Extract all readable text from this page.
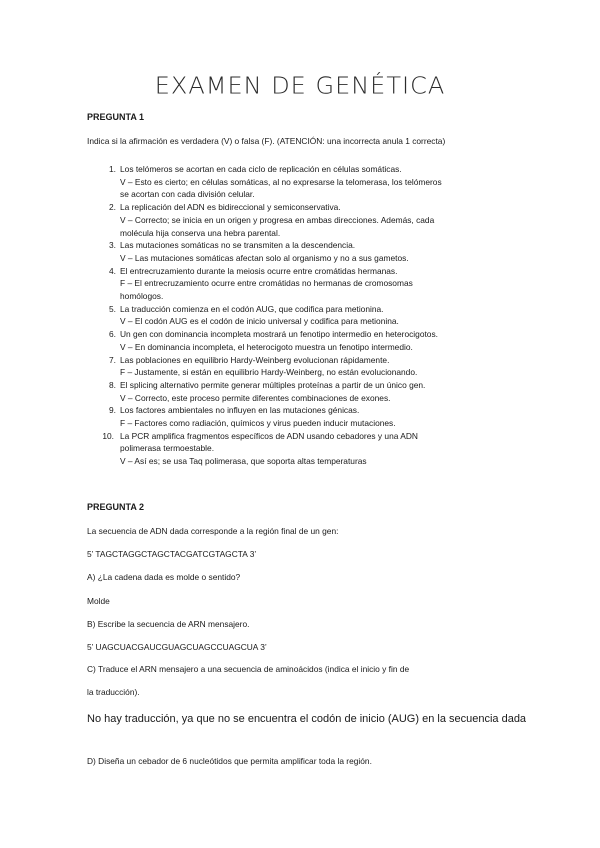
EXAMEN DE GENÉTICA
PREGUNTA 1
Indica si la afirmación es verdadera (V) o falsa (F). (ATENCIÓN: una incorrecta anula 1 correcta)
1. Los telómeros se acortan en cada ciclo de replicación en células somáticas.
V – Esto es cierto; en células somáticas, al no expresarse la telomerasa, los telómeros
se acortan con cada división celular.
2. La replicación del ADN es bidireccional y semiconservativa.
V – Correcto; se inicia en un origen y progresa en ambas direcciones. Además, cada
molécula hija conserva una hebra parental.
3. Las mutaciones somáticas no se transmiten a la descendencia.
V – Las mutaciones somáticas afectan solo al organismo y no a sus gametos.
4. El entrecruzamiento durante la meiosis ocurre entre cromátidas hermanas.
F – El entrecruzamiento ocurre entre cromátidas no hermanas de cromosomas
homólogos.
5. La traducción comienza en el codón AUG, que codifica para metionina.
V – El codón AUG es el codón de inicio universal y codifica para metionina.
6. Un gen con dominancia incompleta mostrará un fenotipo intermedio en heterocigotos.
V – En dominancia incompleta, el heterocigoto muestra un fenotipo intermedio.
7. Las poblaciones en equilibrio Hardy-Weinberg evolucionan rápidamente.
F – Justamente, si están en equilibrio Hardy-Weinberg, no están evolucionando.
8. El splicing alternativo permite generar múltiples proteínas a partir de un único gen.
V – Correcto, este proceso permite diferentes combinaciones de exones.
9. Los factores ambientales no influyen en las mutaciones génicas.
F – Factores como radiación, químicos y virus pueden inducir mutaciones.
10. La PCR amplifica fragmentos específicos de ADN usando cebadores y una ADN
polimerasa termoestable.
V – Así es; se usa Taq polimerasa, que soporta altas temperaturas
PREGUNTA 2
La secuencia de ADN dada corresponde a la región final de un gen:
5’ TAGCTAGGCTAGCTACGATCGTAGCTA 3’
A) ¿La cadena dada es molde o sentido?
Molde
B) Escribe la secuencia de ARN mensajero.
5’ UAGCUACGAUCGUAGCUAGCCUAGCUA 3’
C) Traduce el ARN mensajero a una secuencia de aminoácidos (indica el inicio y fin de
la traducción).
No hay traducción, ya que no se encuentra el codón de inicio (AUG) en la secuencia dada
D) Diseña un cebador de 6 nucleótidos que permita amplificar toda la región.
